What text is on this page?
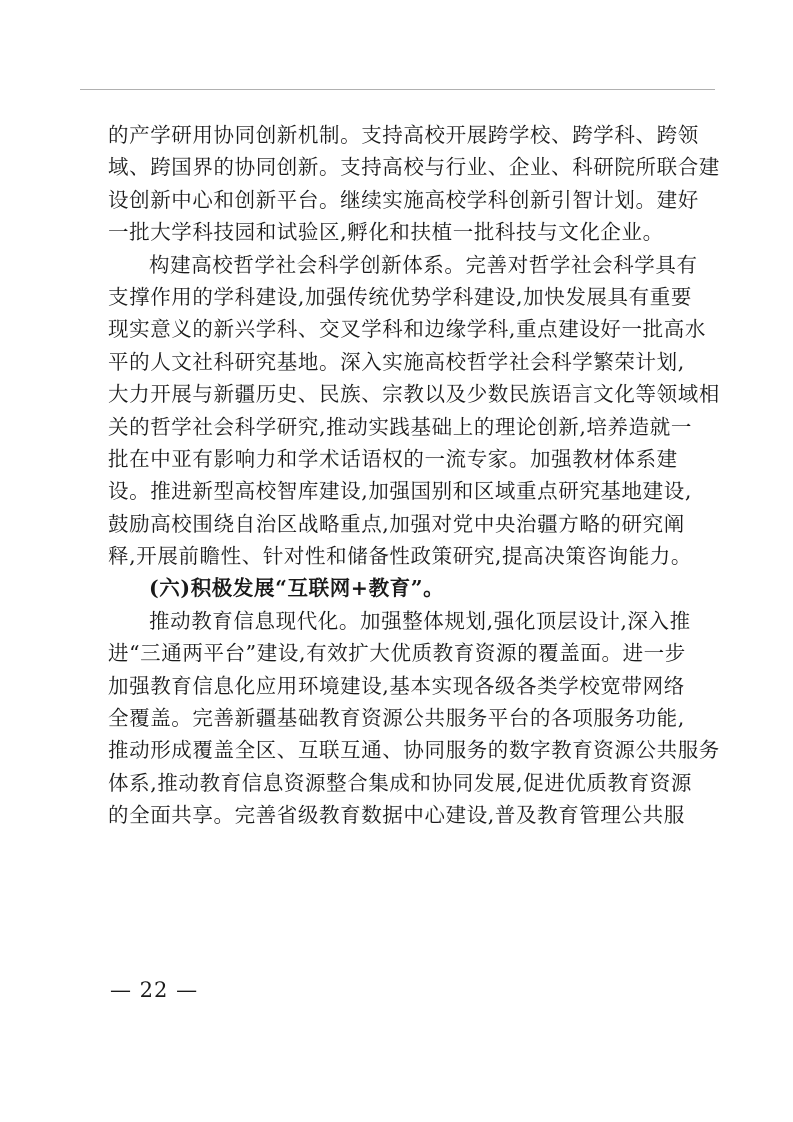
的产学研用协同创新机制。支持高校开展跨学校、跨学科、跨领
域、跨国界的协同创新。支持高校与行业、企业、科研院所联合建
设创新中心和创新平台。继续实施高校学科创新引智计划。建好
一批大学科技园和试验区,孵化和扶植一批科技与文化企业。
构建高校哲学社会科学创新体系。完善对哲学社会科学具有
支撑作用的学科建设,加强传统优势学科建设,加快发展具有重要
现实意义的新兴学科、交叉学科和边缘学科,重点建设好一批高水
平的人文社科研究基地。深入实施高校哲学社会科学繁荣计划,
大力开展与新疆历史、民族、宗教以及少数民族语言文化等领域相
关的哲学社会科学研究,推动实践基础上的理论创新,培养造就一
批在中亚有影响力和学术话语权的一流专家。加强教材体系建
设。推进新型高校智库建设,加强国别和区域重点研究基地建设,
鼓励高校围绕自治区战略重点,加强对党中央治疆方略的研究阐
释,开展前瞻性、针对性和储备性政策研究,提高决策咨询能力。
(六)积极发展“互联网+教育”。
推动教育信息现代化。加强整体规划,强化顶层设计,深入推
进“三通两平台”建设,有效扩大优质教育资源的覆盖面。进一步
加强教育信息化应用环境建设,基本实现各级各类学校宽带网络
全覆盖。完善新疆基础教育资源公共服务平台的各项服务功能,
推动形成覆盖全区、互联互通、协同服务的数字教育资源公共服务
体系,推动教育信息资源整合集成和协同发展,促进优质教育资源
的全面共享。完善省级教育数据中心建设,普及教育管理公共服
— 22 —
